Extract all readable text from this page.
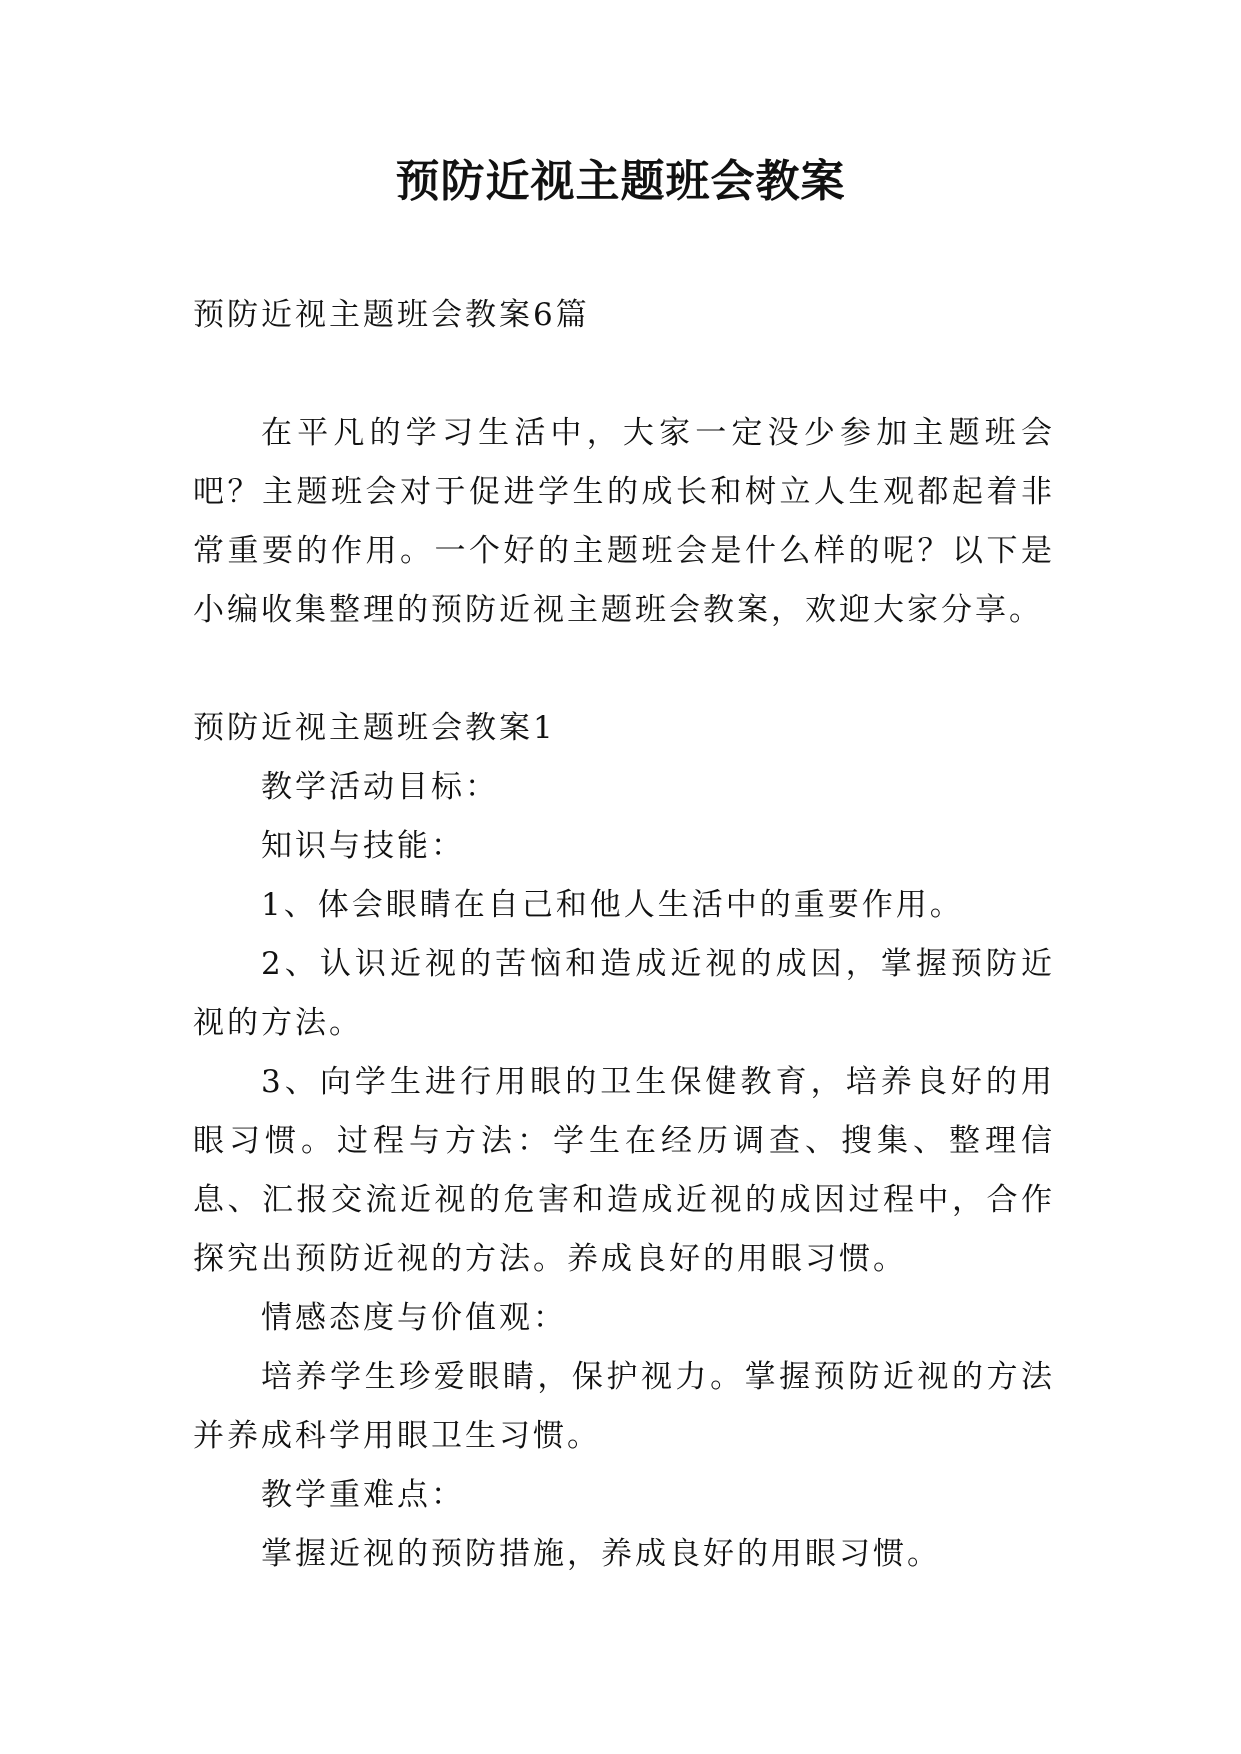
预防近视主题班会教案

预防近视主题班会教案6篇

在平凡的学习生活中，大家一定没少参加主题班会吧？主题班会对于促进学生的成长和树立人生观都起着非常重要的作用。一个好的主题班会是什么样的呢？以下是小编收集整理的预防近视主题班会教案，欢迎大家分享。

预防近视主题班会教案1

教学活动目标：

知识与技能：

1、体会眼睛在自己和他人生活中的重要作用。

2、认识近视的苦恼和造成近视的成因，掌握预防近视的方法。

3、向学生进行用眼的卫生保健教育，培养良好的用眼习惯。过程与方法：学生在经历调查、搜集、整理信息、汇报交流近视的危害和造成近视的成因过程中，合作探究出预防近视的方法。养成良好的用眼习惯。

情感态度与价值观：

培养学生珍爱眼睛，保护视力。掌握预防近视的方法并养成科学用眼卫生习惯。

教学重难点：

掌握近视的预防措施，养成良好的用眼习惯。
